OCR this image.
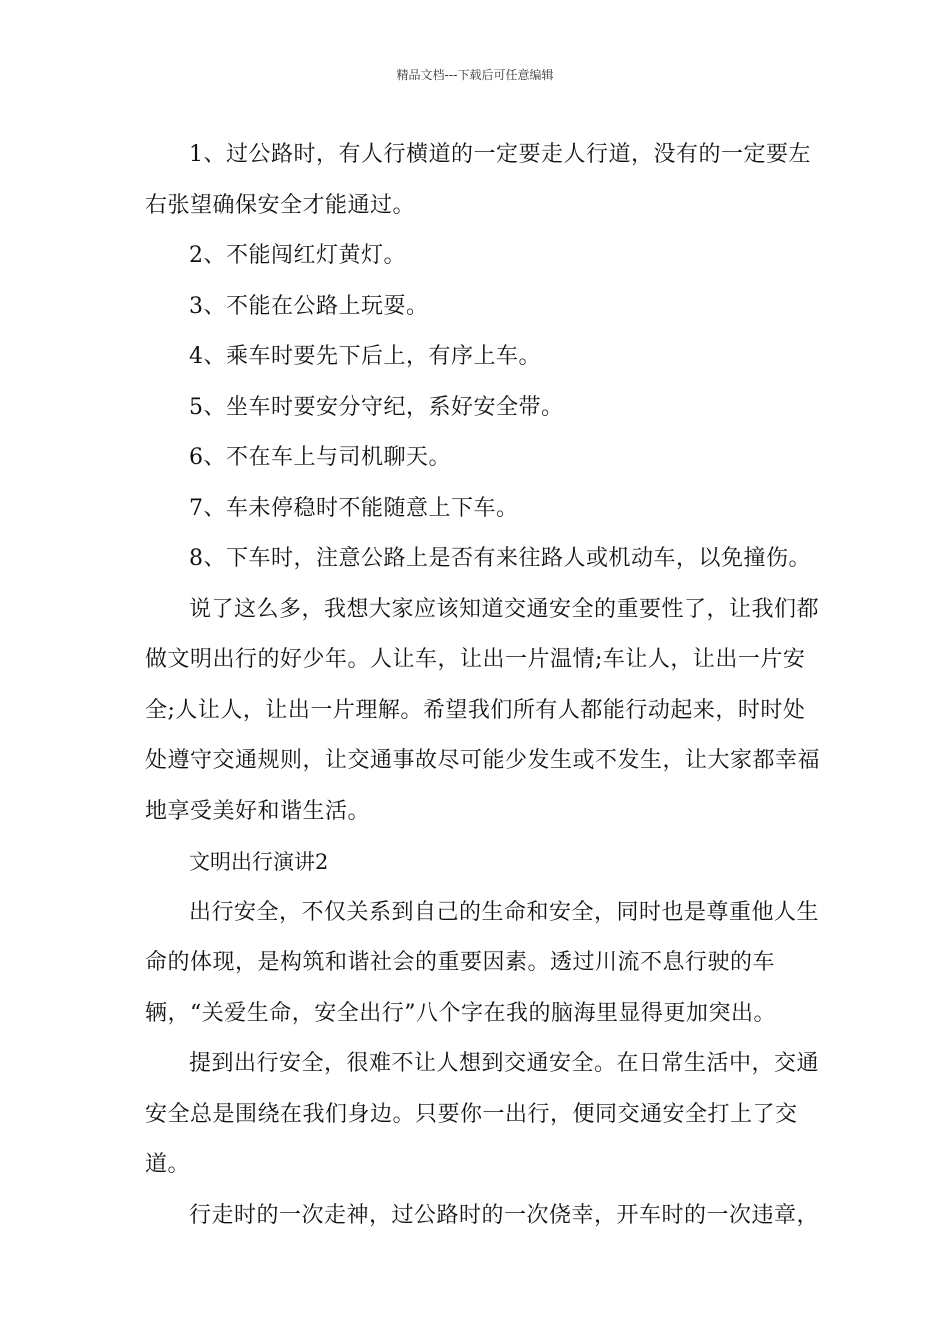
精品文档---下载后可任意编辑

1、过公路时，有人行横道的一定要走人行道，没有的一定要左右张望确保安全才能通过。

2、不能闯红灯黄灯。

3、不能在公路上玩耍。

4、乘车时要先下后上，有序上车。

5、坐车时要安分守纪，系好安全带。

6、不在车上与司机聊天。

7、车未停稳时不能随意上下车。

8、下车时，注意公路上是否有来往路人或机动车，以免撞伤。

说了这么多，我想大家应该知道交通安全的重要性了，让我们都做文明出行的好少年。人让车，让出一片温情;车让人，让出一片安全;人让人，让出一片理解。希望我们所有人都能行动起来，时时处处遵守交通规则，让交通事故尽可能少发生或不发生，让大家都幸福地享受美好和谐生活。

文明出行演讲2

出行安全，不仅关系到自己的生命和安全，同时也是尊重他人生命的体现，是构筑和谐社会的重要因素。透过川流不息行驶的车辆，“关爱生命，安全出行”八个字在我的脑海里显得更加突出。

提到出行安全，很难不让人想到交通安全。在日常生活中，交通安全总是围绕在我们身边。只要你一出行，便同交通安全打上了交道。

行走时的一次走神，过公路时的一次侥幸，开车时的一次违章，
